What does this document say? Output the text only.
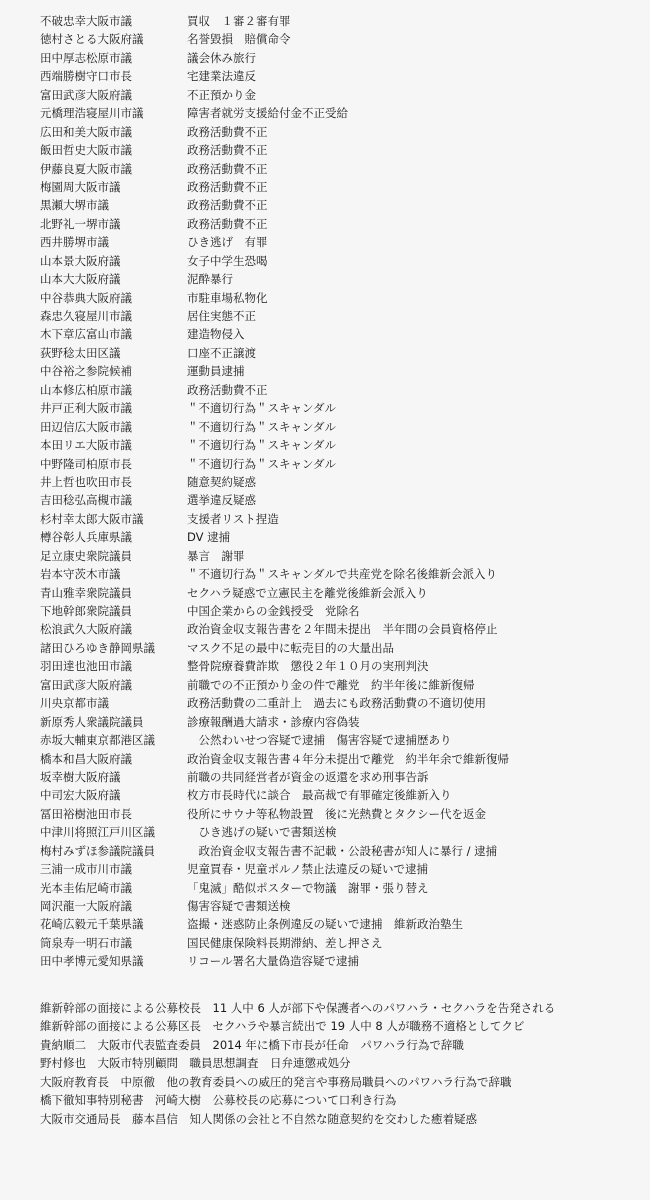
不破忠幸大阪市議	買収　１審２審有罪
徳村さとる大阪府議	名誉毀損　賠償命令
田中厚志松原市議	議会休み旅行
西端勝樹守口市長	宅建業法違反
富田武彦大阪府議	不正預かり金
元橋理浩寝屋川市議	障害者就労支援給付金不正受給
広田和美大阪市議	政務活動費不正
飯田哲史大阪市議	政務活動費不正
伊藤良夏大阪市議	政務活動費不正
梅園周大阪市議	政務活動費不正
黒瀬大堺市議	政務活動費不正
北野礼一堺市議	政務活動費不正
西井勝堺市議	ひき逃げ　有罪
山本景大阪府議	女子中学生恐喝
山本大大阪府議	泥酔暴行
中谷恭典大阪府議	市駐車場私物化
森忠久寝屋川市議	居住実態不正
木下章広富山市議	建造物侵入
荻野稔太田区議	口座不正譲渡
中谷裕之参院候補	運動員逮捕
山本修広柏原市議	政務活動費不正
井戸正利大阪市議	＂不適切行為＂スキャンダル
田辺信広大阪市議	＂不適切行為＂スキャンダル
本田リエ大阪市議	＂不適切行為＂スキャンダル
中野隆司柏原市長	＂不適切行為＂スキャンダル
井上哲也吹田市長	随意契約疑惑
吉田稔弘高槻市議	選挙違反疑惑
杉村幸太郎大阪市議	支援者リスト捏造
樽谷彰人兵庫県議	DV 逮捕
足立康史衆院議員	暴言　謝罪
岩本守茨木市議	＂不適切行為＂スキャンダルで共産党を除名後維新会派入り
青山雅幸衆院議員	セクハラ疑惑で立憲民主を離党後維新会派入り
下地幹郎衆院議員	中国企業からの金銭授受　党除名
松浪武久大阪府議	政治資金収支報告書を２年間未提出　半年間の会員資格停止
諸田ひろゆき静岡県議	マスク不足の最中に転売目的の大量出品
羽田達也池田市議	整骨院療養費詐欺　懲役２年１０月の実刑判決
富田武彦大阪府議	前職での不正預かり金の件で離党　約半年後に維新復帰
川央京都市議	政務活動費の二重計上　過去にも政務活動費の不適切使用
新原秀人衆議院議員	診療報酬過大請求・診療内容偽装
赤坂大輔東京都港区議	　公然わいせつ容疑で逮捕　傷害容疑で逮捕歴あり
橋本和昌大阪府議	政治資金収支報告書４年分未提出で離党　約半年余で維新復帰
坂幸樹大阪府議	前職の共同経営者が資金の返還を求め刑事告訴
中司宏大阪府議	枚方市長時代に談合　最高裁で有罪確定後維新入り
冨田裕樹池田市長	役所にサウナ等私物設置　後に光熱費とタクシー代を返金
中津川将照江戸川区議	　ひき逃げの疑いで書類送検
梅村みずほ参議院議員	　政治資金収支報告書不記載・公設秘書が知人に暴行 / 逮捕
三浦一成市川市議	児童買春・児童ポルノ禁止法違反の疑いで逮捕
光本圭佑尼崎市議	「鬼滅」酷似ポスターで物議　謝罪・張り替え
岡沢龍一大阪府議	傷害容疑で書類送検
花崎広毅元千葉県議	盗撮・迷惑防止条例違反の疑いで逮捕　維新政治塾生
筒泉寿一明石市議	国民健康保険料長期滞納、差し押さえ
田中孝博元愛知県議	リコール署名大量偽造容疑で逮捕
維新幹部の面接による公募校長　11 人中 6 人が部下や保護者へのパワハラ・セクハラを告発される
維新幹部の面接による公募区長　セクハラや暴言続出で 19 人中 8 人が職務不適格としてクビ
貴納順二　大阪市代表監査委員　2014 年に橋下市長が任命　パワハラ行為で辞職
野村修也　大阪市特別顧問　職員思想調査　日弁連懲戒処分
大阪府教育長　中原徹　他の教育委員への威圧的発言や事務局職員へのパワハラ行為で辞職
橋下徹知事特別秘書　河崎大樹　公募校長の応募について口利き行為
大阪市交通局長　藤本昌信　知人関係の会社と不自然な随意契約を交わした癒着疑惑
